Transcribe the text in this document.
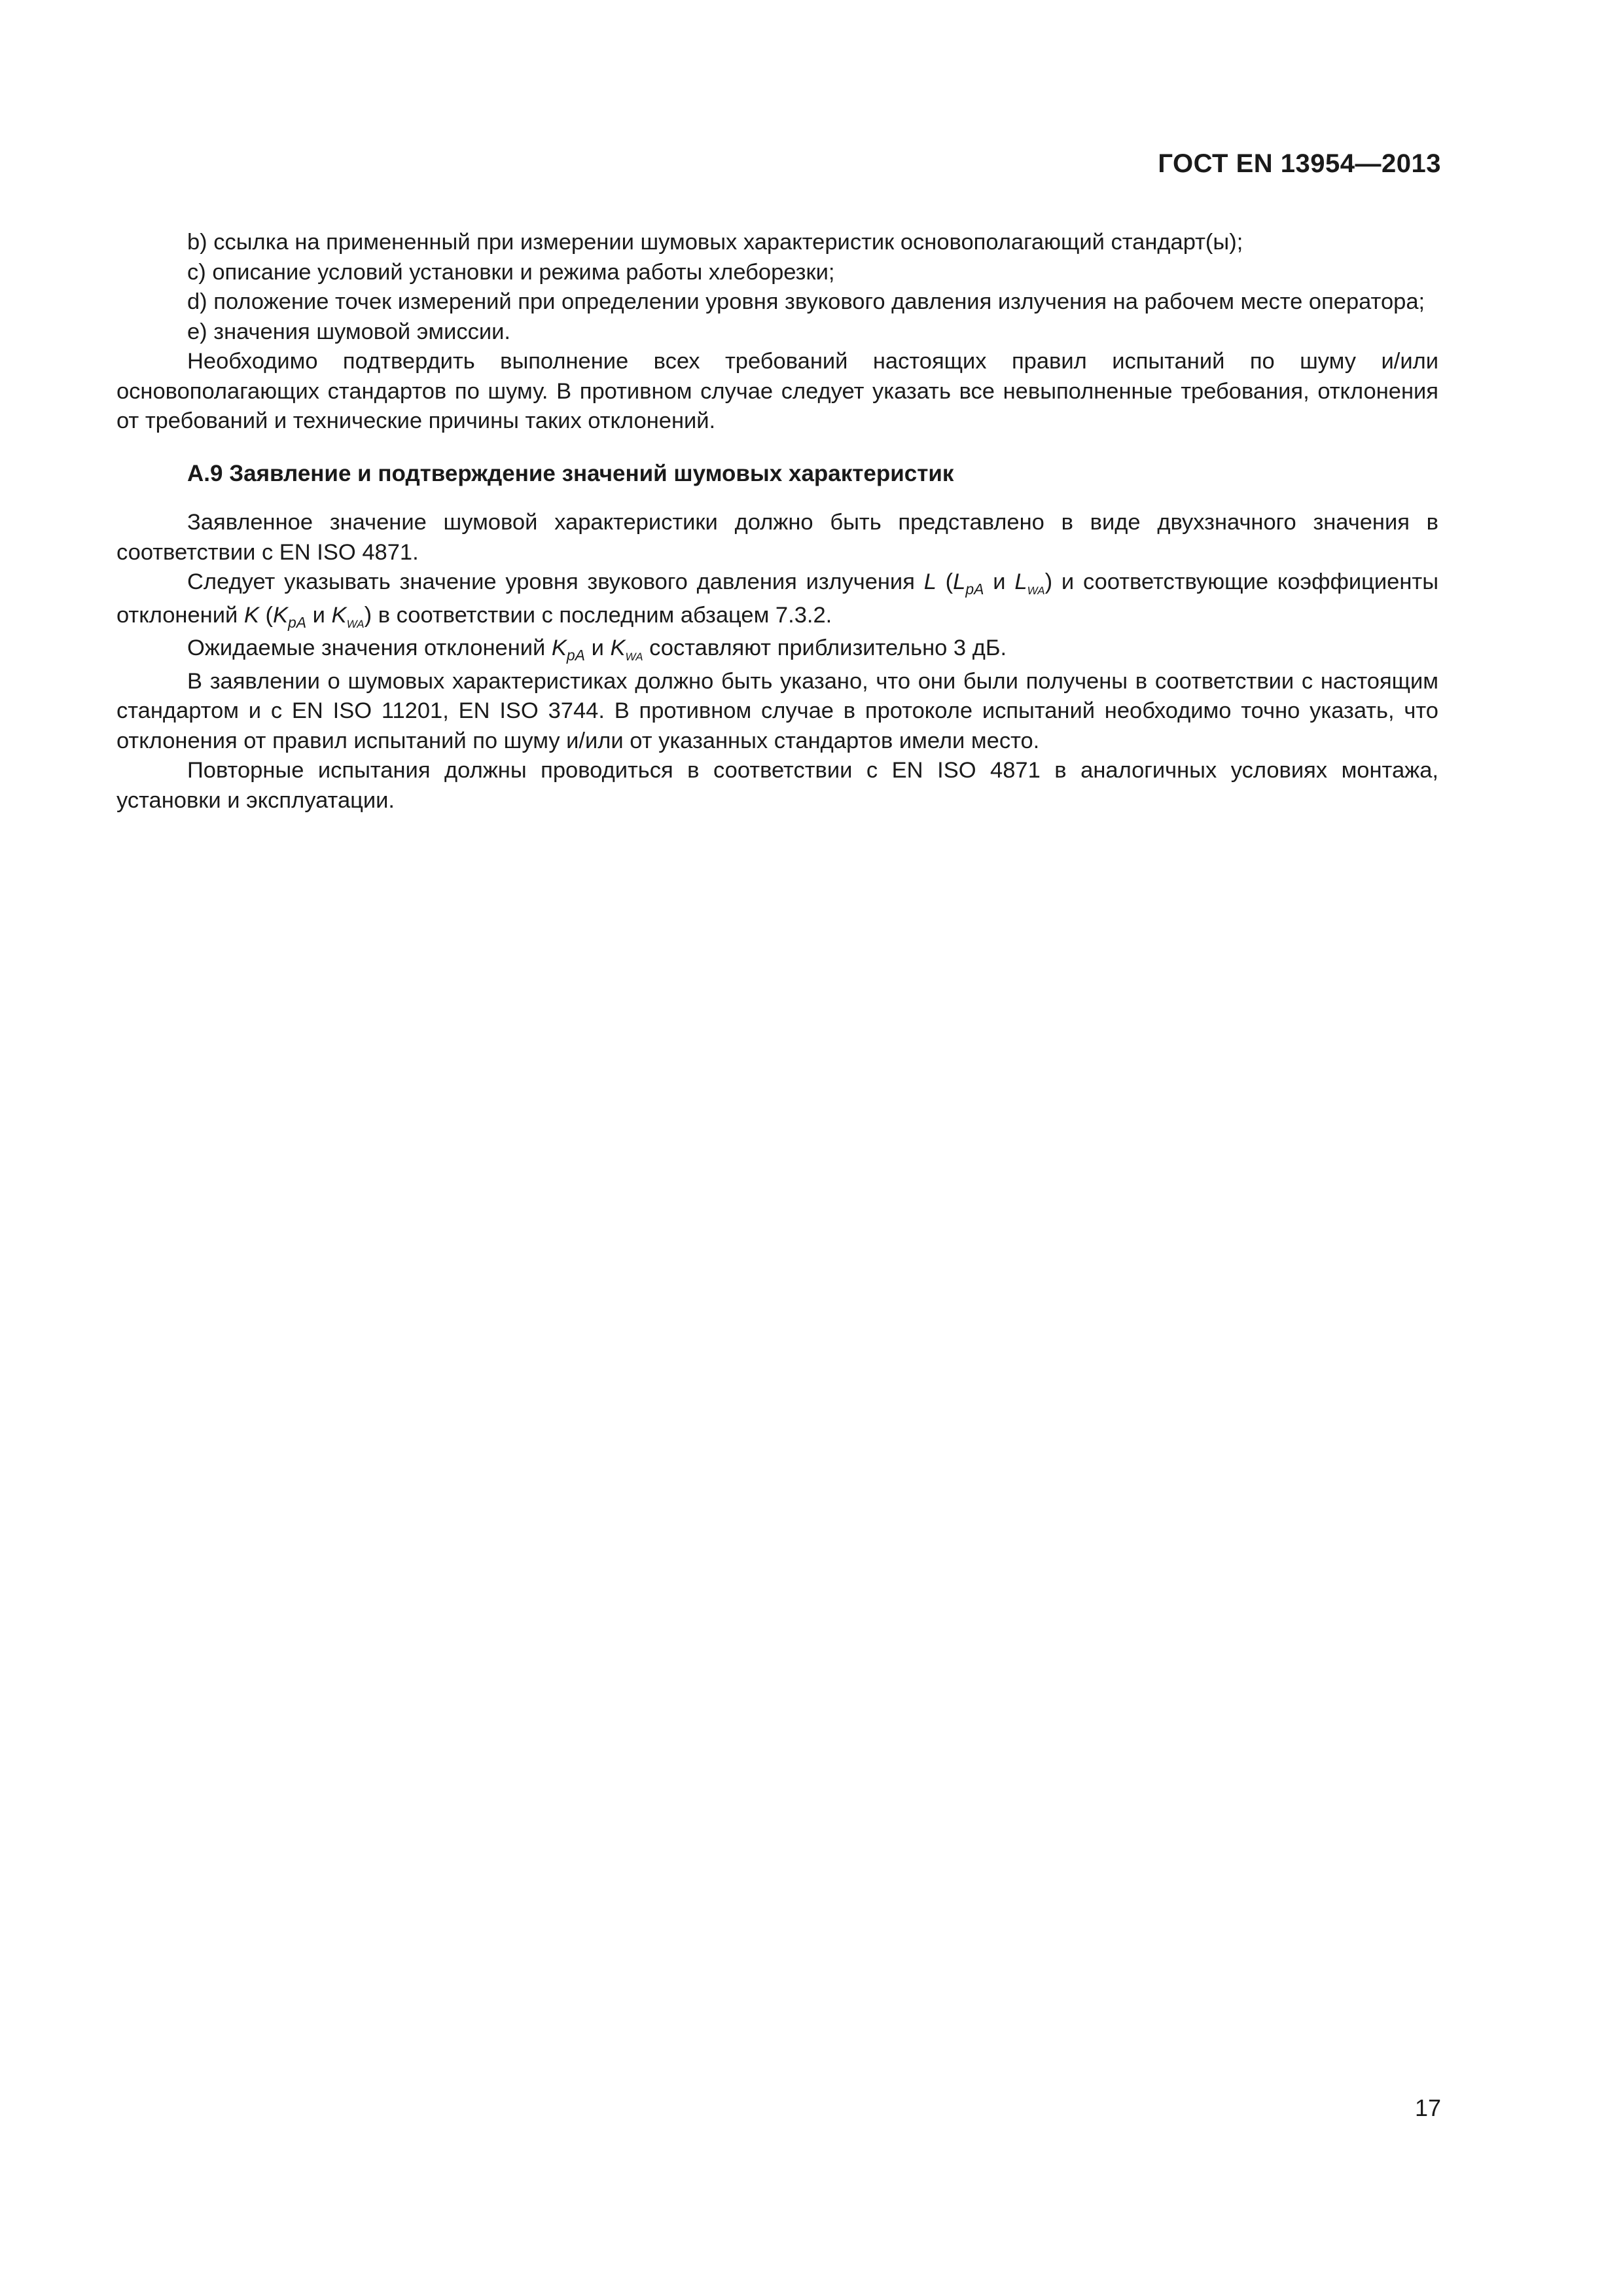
ГОСТ EN 13954—2013

b) ссылка на примененный при измерении шумовых характеристик основополагающий стандарт(ы);

с) описание условий установки и режима работы хлеборезки;

d) положение точек измерений при определении уровня звукового давления излучения на рабочем месте оператора;

е) значения шумовой эмиссии.

Необходимо подтвердить выполнение всех требований настоящих правил испытаний по шуму и/или основополагающих стандартов по шуму. В противном случае следует указать все невыполненные требования, отклонения от требований и технические причины таких отклонений.

А.9 Заявление и подтверждение значений шумовых характеристик

Заявленное значение шумовой характеристики должно быть представлено в виде двухзначного значения в соответствии с EN ISO 4871.

Следует указывать значение уровня звукового давления излучения L ($L_{pA}$ и $L_{WA}$) и соответствующие коэффициенты отклонений K ($K_{pA}$ и $K_{WA}$) в соответствии с последним абзацем 7.3.2.

Ожидаемые значения отклонений $K_{pA}$ и $K_{WA}$ составляют приблизительно 3 дБ.

В заявлении о шумовых характеристиках должно быть указано, что они были получены в соответствии с настоящим стандартом и с EN ISO 11201, EN ISO 3744. В противном случае в протоколе испытаний необходимо точно указать, что отклонения от правил испытаний по шуму и/или от указанных стандартов имели место.

Повторные испытания должны проводиться в соответствии с EN ISO 4871 в аналогичных условиях монтажа, установки и эксплуатации.

17
